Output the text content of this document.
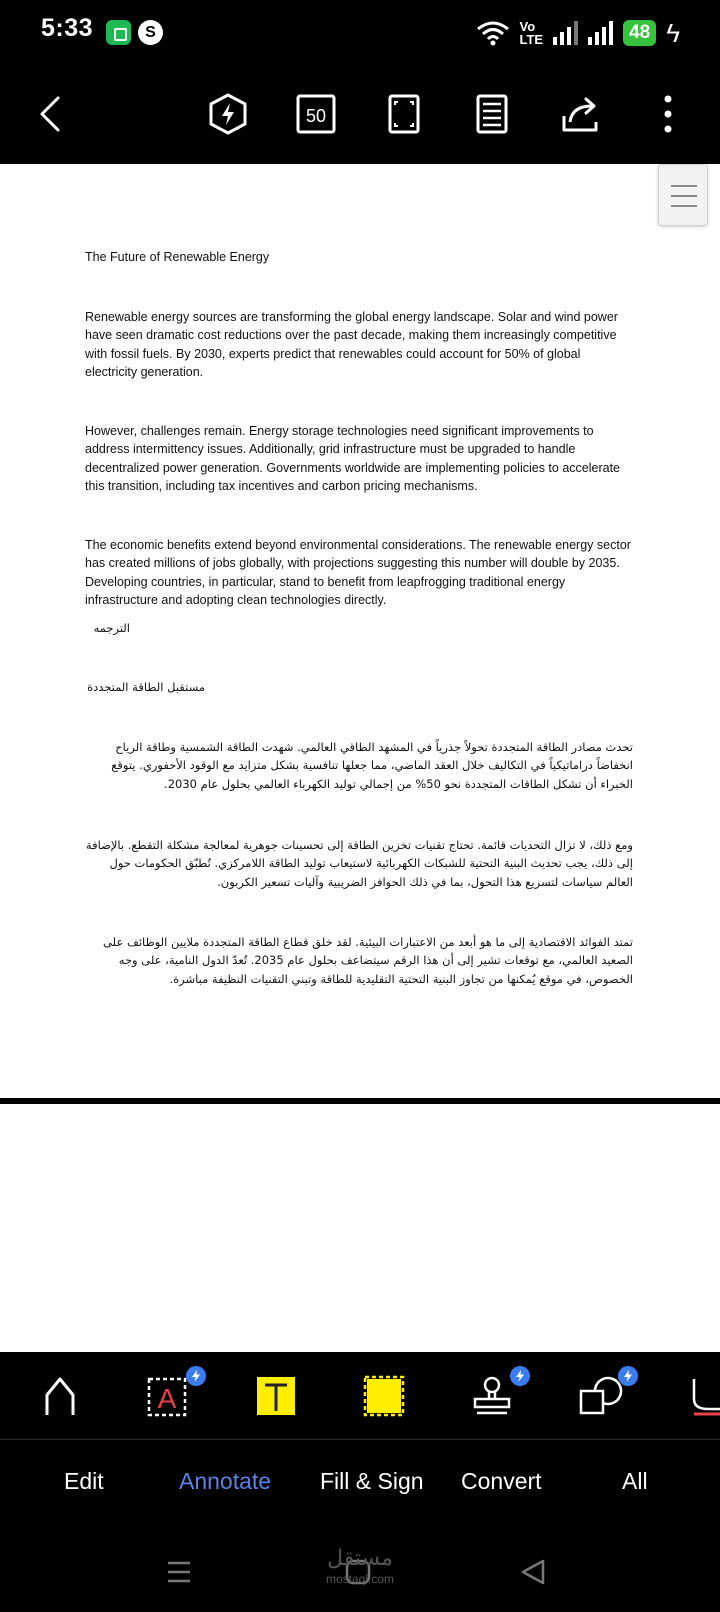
5:33	S	Vo
LTE	48 ϟ
50
The Future of Renewable Energy
Renewable energy sources are transforming the global energy landscape. Solar and wind power have seen dramatic cost reductions over the past decade, making them increasingly competitive with fossil fuels. By 2030, experts predict that renewables could account for 50% of global electricity generation.
However, challenges remain. Energy storage technologies need significant improvements to address intermittency issues. Additionally, grid infrastructure must be upgraded to handle decentralized power generation. Governments worldwide are implementing policies to accelerate this transition, including tax incentives and carbon pricing mechanisms.
The economic benefits extend beyond environmental considerations. The renewable energy sector has created millions of jobs globally, with projections suggesting this number will double by 2035. Developing countries, in particular, stand to benefit from leapfrogging traditional energy infrastructure and adopting clean technologies directly.
الترجمه
مستقبل الطاقة المتجددة
تحدث مصادر الطاقة المتجددة تحولاً جذرياً في المشهد الطاقي العالمي. شهدت الطاقة الشمسية وطاقة الرياح انخفاضاً دراماتيكياً في التكاليف خلال العقد الماضي، مما جعلها تنافسية بشكل متزايد مع الوقود الأحفوري. يتوقع الخبراء أن تشكل الطاقات المتجددة نحو 50% من إجمالي توليد الكهرباء العالمي بحلول عام 2030.
ومع ذلك، لا تزال التحديات قائمة. تحتاج تقنيات تخزين الطاقة إلى تحسينات جوهرية لمعالجة مشكلة التقطع. بالإضافة إلى ذلك، يجب تحديث البنية التحتية للشبكات الكهربائية لاستيعاب توليد الطاقة اللامركزي. تُطبّق الحكومات حول العالم سياسات لتسريع هذا التحول، بما في ذلك الحوافز الضريبية وآليات تسعير الكربون.
تمتد الفوائد الاقتصادية إلى ما هو أبعد من الاعتبارات البيئية. لقد خلق قطاع الطاقة المتجددة ملايين الوظائف على الصعيد العالمي، مع توقعات تشير إلى أن هذا الرقم سيتضاعف بحلول عام 2035. تُعدّ الدول النامية، على وجه الخصوص، في موقع يُمكنها من تجاوز البنية التحتية التقليدية للطاقة وتبني التقنيات النظيفة مباشرة.
A
Edit	Annotate Fill & Sign Convert	All
مستقل
mostaql.com
